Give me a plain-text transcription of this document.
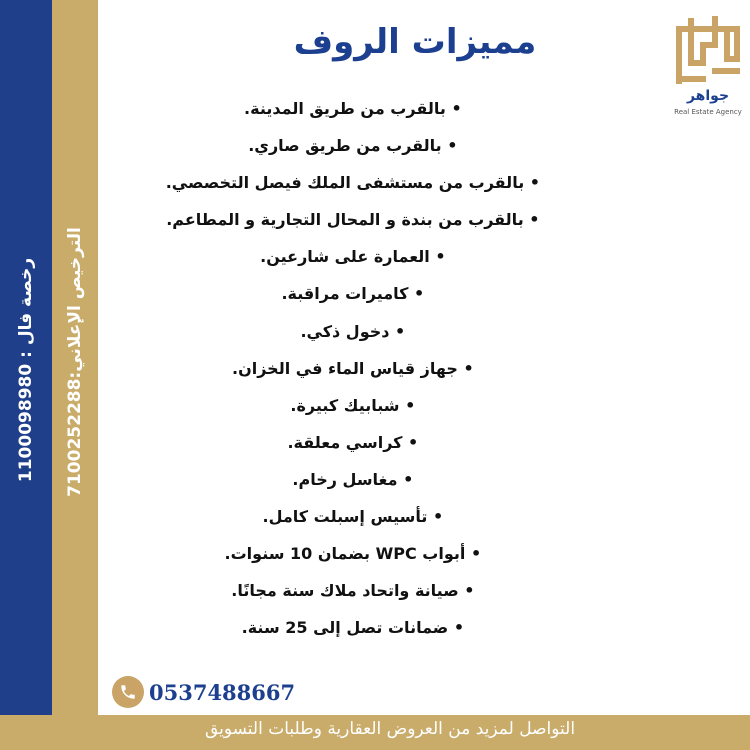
رخصة فال : 1100098980
الترخيص الإعلاني:7100252288
جواهر
Real Estate Agency
مميزات الروف
• بالقرب من طريق المدينة.
• بالقرب من طريق صاري.
• بالقرب من مستشفى الملك فيصل التخصصي.
• بالقرب من بندة و المحال التجارية و المطاعم.
• العمارة على شارعين.
• كاميرات مراقبة.
• دخول ذكي.
• جهاز قياس الماء في الخزان.
• شبابيك كبيرة.
• كراسي معلقة.
• مغاسل رخام.
• تأسيس إسبلت كامل.
• أبواب WPC بضمان 10 سنوات.
• صيانة واتحاد ملاك سنة مجانًا.
• ضمانات تصل إلى 25 سنة.
0537488667
التواصل لمزيد من العروض العقارية وطلبات التسويق
